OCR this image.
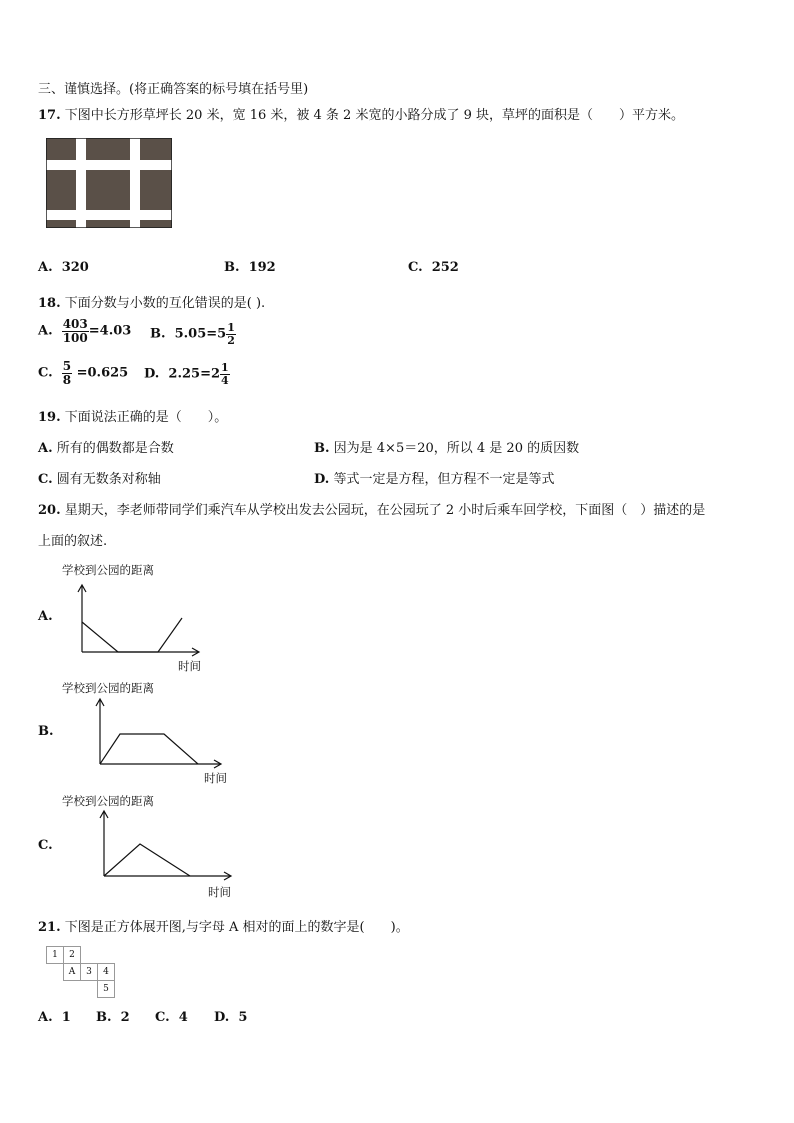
三、谨慎选择。(将正确答案的标号填在括号里)
17. 下图中长方形草坪长 20 米，宽 16 米，被 4 条 2 米宽的小路分成了 9 块，草坪的面积是（　　）平方米。
A. 320	B. 192	C. 252
18. 下面分数与小数的互化错误的是( ).
A. $\frac{403}{100} =4.03$ B. $5.05=5 \frac{1}{2}$
C. $\frac{5}{8} =0.625$ D. $2.25=2 \frac{1}{4}$
19. 下面说法正确的是（　　）。
A. 所有的偶数都是合数	B. 因为是 4×5＝20，所以 4 是 20 的质因数
C. 圆有无数条对称轴	D. 等式一定是方程，但方程不一定是等式
20. 星期天，李老师带同学们乘汽车从学校出发去公园玩，在公园玩了 2 小时后乘车回学校，下面图（　）描述的是
上面的叙述.
A.
学校到公园的距离
时间
B.
学校到公园的距离
时间
C.
学校到公园的距离
时间
21. 下图是正方体展开图,与字母 A 相对的面上的数字是(　　)。
1	2		
	A	3	4
			5
A. 1 B. 2 C. 4 D. 5
